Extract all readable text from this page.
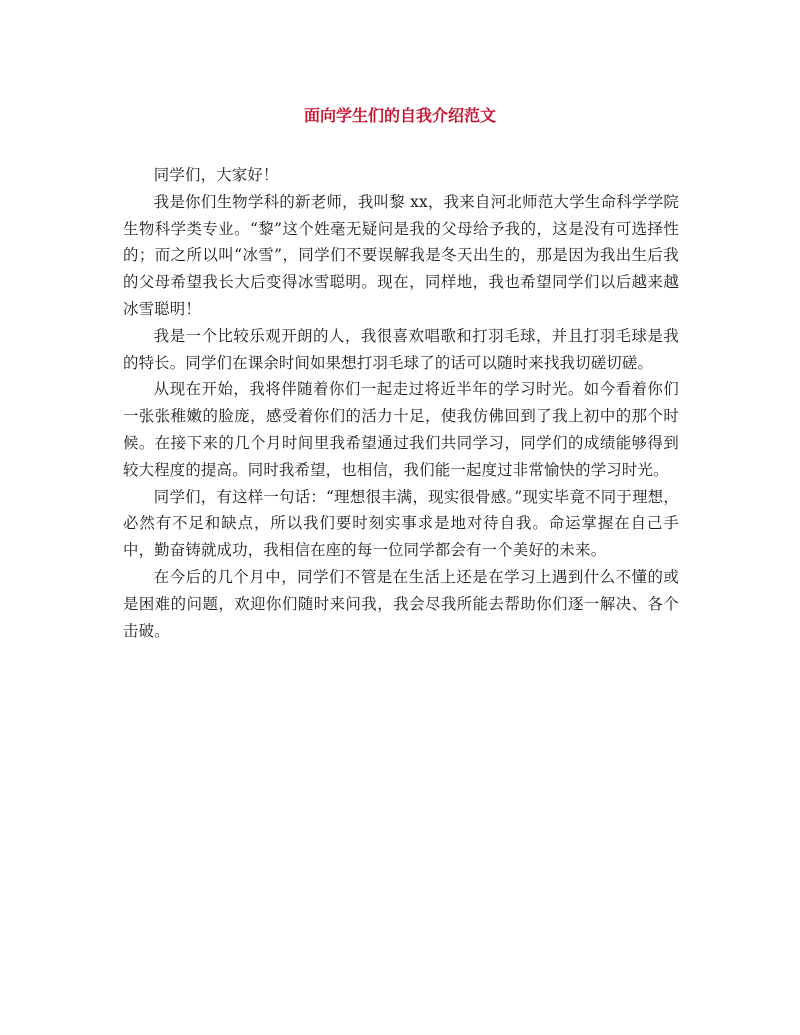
面向学生们的自我介绍范文

同学们，大家好！

我是你们生物学科的新老师，我叫黎 xx，我来自河北师范大学生命科学学院生物科学类专业。“黎”这个姓毫无疑问是我的父母给予我的，这是没有可选择性的；而之所以叫“冰雪”，同学们不要误解我是冬天出生的，那是因为我出生后我的父母希望我长大后变得冰雪聪明。现在，同样地，我也希望同学们以后越来越冰雪聪明！

我是一个比较乐观开朗的人，我很喜欢唱歌和打羽毛球，并且打羽毛球是我的特长。同学们在课余时间如果想打羽毛球了的话可以随时来找我切磋切磋。

从现在开始，我将伴随着你们一起走过将近半年的学习时光。如今看着你们一张张稚嫩的脸庞，感受着你们的活力十足，使我仿佛回到了我上初中的那个时候。在接下来的几个月时间里我希望通过我们共同学习，同学们的成绩能够得到较大程度的提高。同时我希望，也相信，我们能一起度过非常愉快的学习时光。

同学们，有这样一句话：“理想很丰满，现实很骨感。”现实毕竟不同于理想，必然有不足和缺点，所以我们要时刻实事求是地对待自我。命运掌握在自己手中，勤奋铸就成功，我相信在座的每一位同学都会有一个美好的未来。

在今后的几个月中，同学们不管是在生活上还是在学习上遇到什么不懂的或是困难的问题，欢迎你们随时来问我，我会尽我所能去帮助你们逐一解决、各个击破。
